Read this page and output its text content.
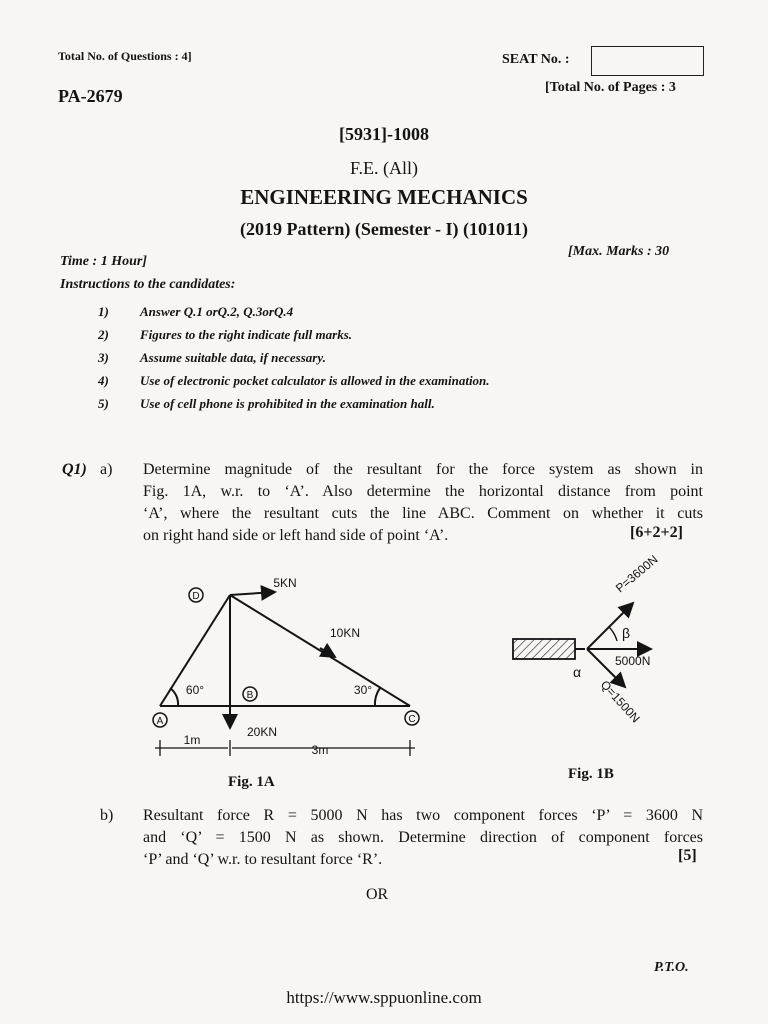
Total No. of Questions : 4]	SEAT No. :
PA-2679	[Total No. of Pages : 3
[5931]-1008
F.E. (All)
ENGINEERING MECHANICS
(2019 Pattern) (Semester - I) (101011)
Time : 1 Hour]
[Max. Marks : 30
Instructions to the candidates:
1) Answer Q.1 orQ.2, Q.3orQ.4
2) Figures to the right indicate full marks.
3) Assume suitable data, if necessary.
4) Use of electronic pocket calculator is allowed in the examination.
5) Use of cell phone is prohibited in the examination hall.
Q1) a) Determine magnitude of the resultant for the force system as shown in
Fig. 1A, w.r. to ‘A’. Also determine the horizontal distance from point
‘A’, where the resultant cuts the line ABC. Comment on whether it cuts
on right hand side or left hand side of point ‘A’.	[6+2+2]
D
A
B
C
5KN
10KN
20KN
60°	30°
1m
3m
Fig. 1A
P=3600N
5000N
Q=1500N
β
α
Fig. 1B
b) Resultant force R = 5000 N has two component forces ‘P’ = 3600 N
and ‘Q’ = 1500 N as shown. Determine direction of component forces
‘P’ and ‘Q’ w.r. to resultant force ‘R’.	[5]
OR
P.T.O.
https://www.sppuonline.com
